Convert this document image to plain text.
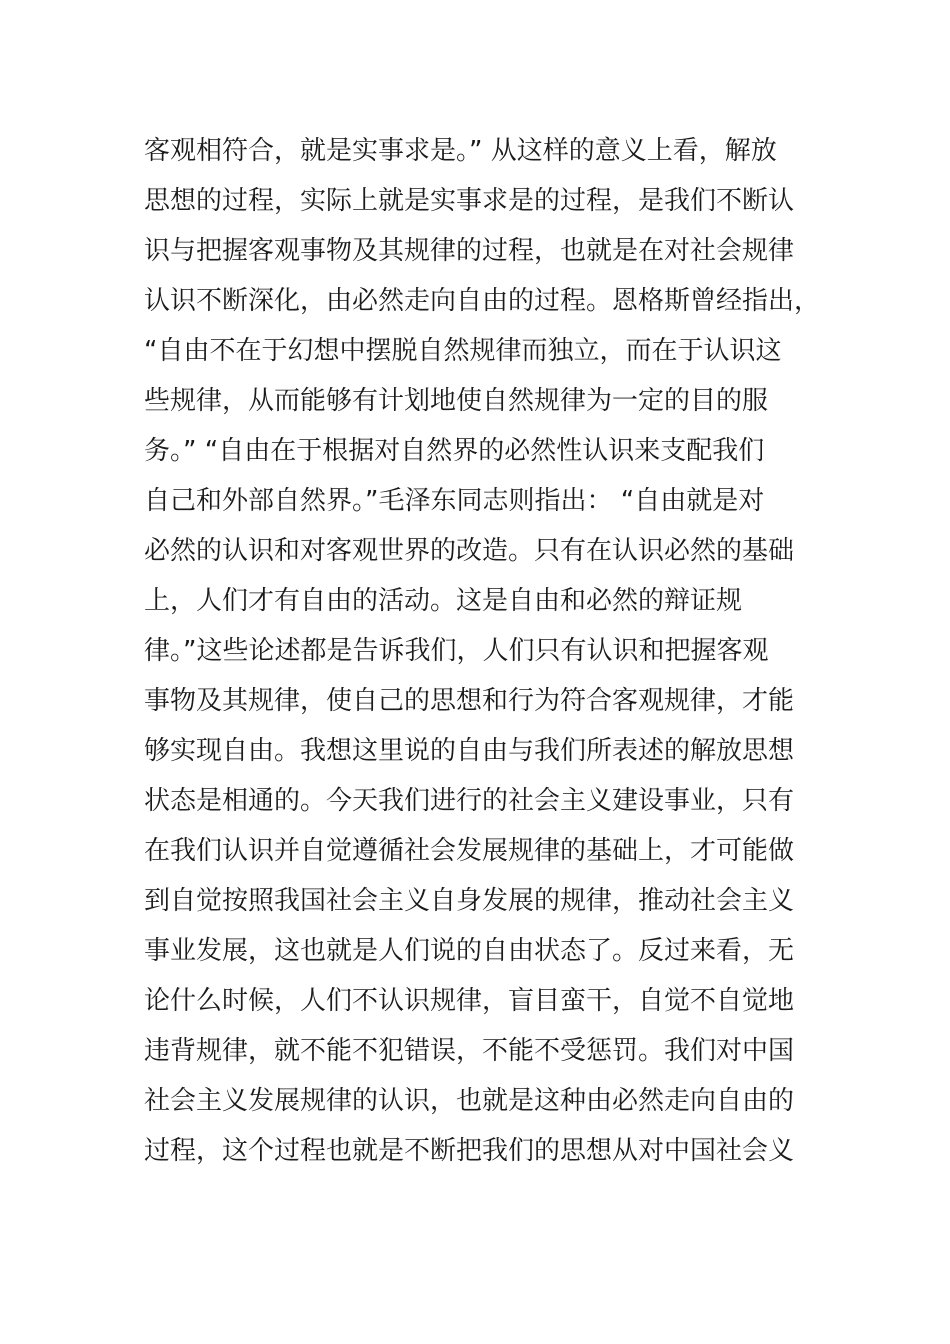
客观相符合，就是实事求是。” 从这样的意义上看，解放
思想的过程，实际上就是实事求是的过程，是我们不断认
识与把握客观事物及其规律的过程，也就是在对社会规律
认识不断深化，由必然走向自由的过程。恩格斯曾经指出，
“自由不在于幻想中摆脱自然规律而独立，而在于认识这
些规律，从而能够有计划地使自然规律为一定的目的服
务。” “自由在于根据对自然界的必然性认识来支配我们
自己和外部自然界。”毛泽东同志则指出： “自由就是对
必然的认识和对客观世界的改造。只有在认识必然的基础
上，人们才有自由的活动。这是自由和必然的辩证规
律。”这些论述都是告诉我们，人们只有认识和把握客观
事物及其规律，使自己的思想和行为符合客观规律，才能
够实现自由。我想这里说的自由与我们所表述的解放思想
状态是相通的。今天我们进行的社会主义建设事业，只有
在我们认识并自觉遵循社会发展规律的基础上，才可能做
到自觉按照我国社会主义自身发展的规律，推动社会主义
事业发展，这也就是人们说的自由状态了。反过来看，无
论什么时候，人们不认识规律，盲目蛮干，自觉不自觉地
违背规律，就不能不犯错误，不能不受惩罚。我们对中国
社会主义发展规律的认识，也就是这种由必然走向自由的
过程，这个过程也就是不断把我们的思想从对中国社会义
